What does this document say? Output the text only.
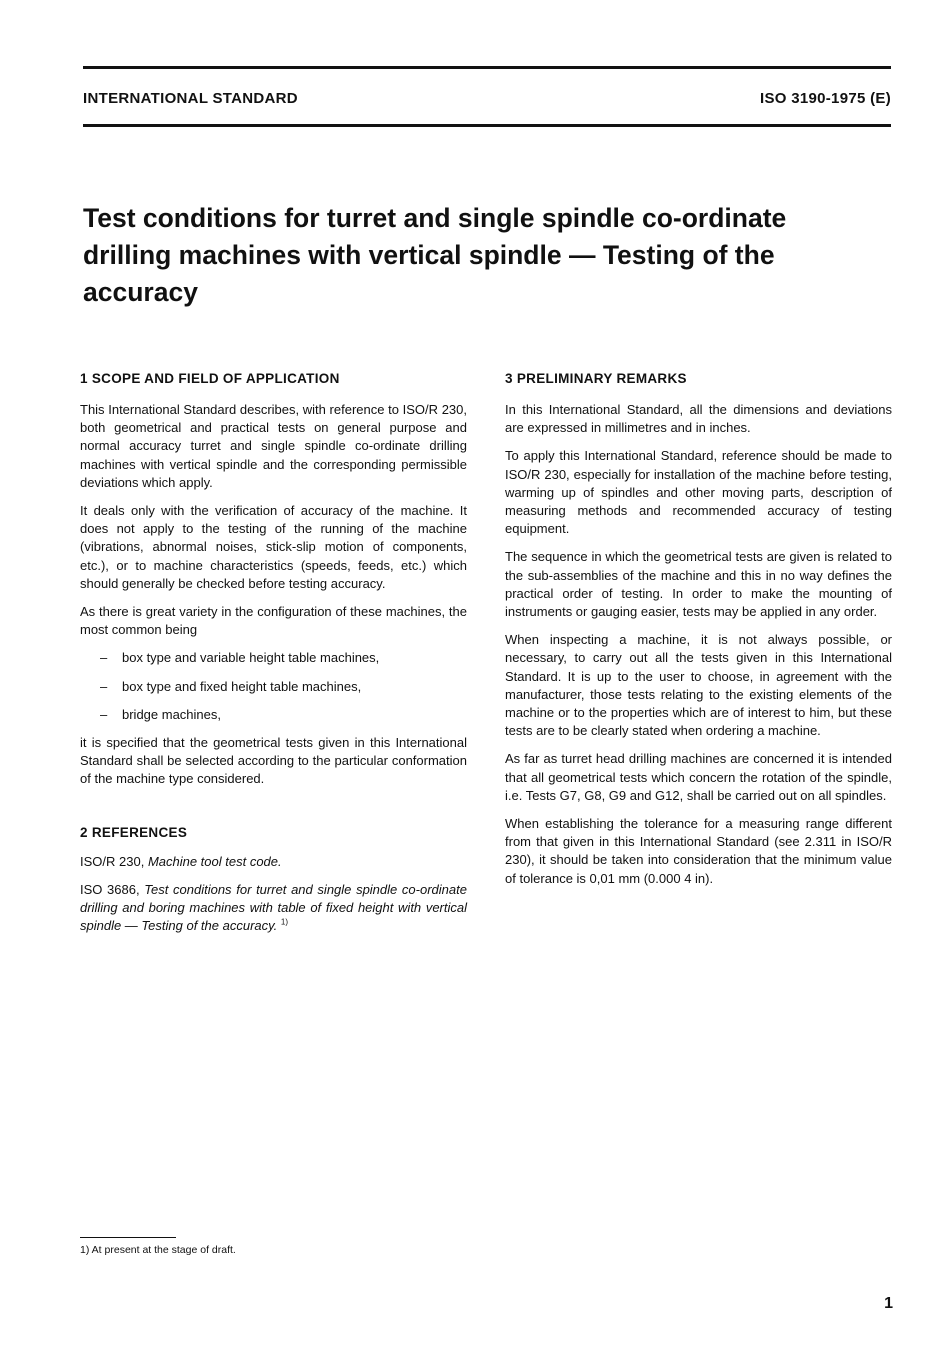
INTERNATIONAL STANDARD	ISO 3190-1975 (E)
Test conditions for turret and single spindle co-ordinate drilling machines with vertical spindle — Testing of the accuracy
1 SCOPE AND FIELD OF APPLICATION

This International Standard describes, with reference to ISO/R 230, both geometrical and practical tests on general purpose and normal accuracy turret and single spindle co-ordinate drilling machines with vertical spindle and the corresponding permissible deviations which apply.

It deals only with the verification of accuracy of the machine. It does not apply to the testing of the running of the machine (vibrations, abnormal noises, stick-slip motion of components, etc.), or to machine characteristics (speeds, feeds, etc.) which should generally be checked before testing accuracy.

As there is great variety in the configuration of these machines, the most common being

– box type and variable height table machines,
– box type and fixed height table machines,
– bridge machines,

it is specified that the geometrical tests given in this International Standard shall be selected according to the particular conformation of the machine type considered.

2 REFERENCES

ISO/R 230, Machine tool test code.

ISO 3686, Test conditions for turret and single spindle co-ordinate drilling and boring machines with table of fixed height with vertical spindle — Testing of the accuracy. $^{1)}$

3 PRELIMINARY REMARKS

In this International Standard, all the dimensions and deviations are expressed in millimetres and in inches.

To apply this International Standard, reference should be made to ISO/R 230, especially for installation of the machine before testing, warming up of spindles and other moving parts, description of measuring methods and recommended accuracy of testing equipment.

The sequence in which the geometrical tests are given is related to the sub-assemblies of the machine and this in no way defines the practical order of testing. In order to make the mounting of instruments or gauging easier, tests may be applied in any order.

When inspecting a machine, it is not always possible, or necessary, to carry out all the tests given in this International Standard. It is up to the user to choose, in agreement with the manufacturer, those tests relating to the existing elements of the machine or to the properties which are of interest to him, but these tests are to be clearly stated when ordering a machine.

As far as turret head drilling machines are concerned it is intended that all geometrical tests which concern the rotation of the spindle, i.e. Tests G7, G8, G9 and G12, shall be carried out on all spindles.

When establishing the tolerance for a measuring range different from that given in this International Standard (see 2.311 in ISO/R 230), it should be taken into consideration that the minimum value of tolerance is 0,01 mm (0.000 4 in).

1) At present at the stage of draft.
1
